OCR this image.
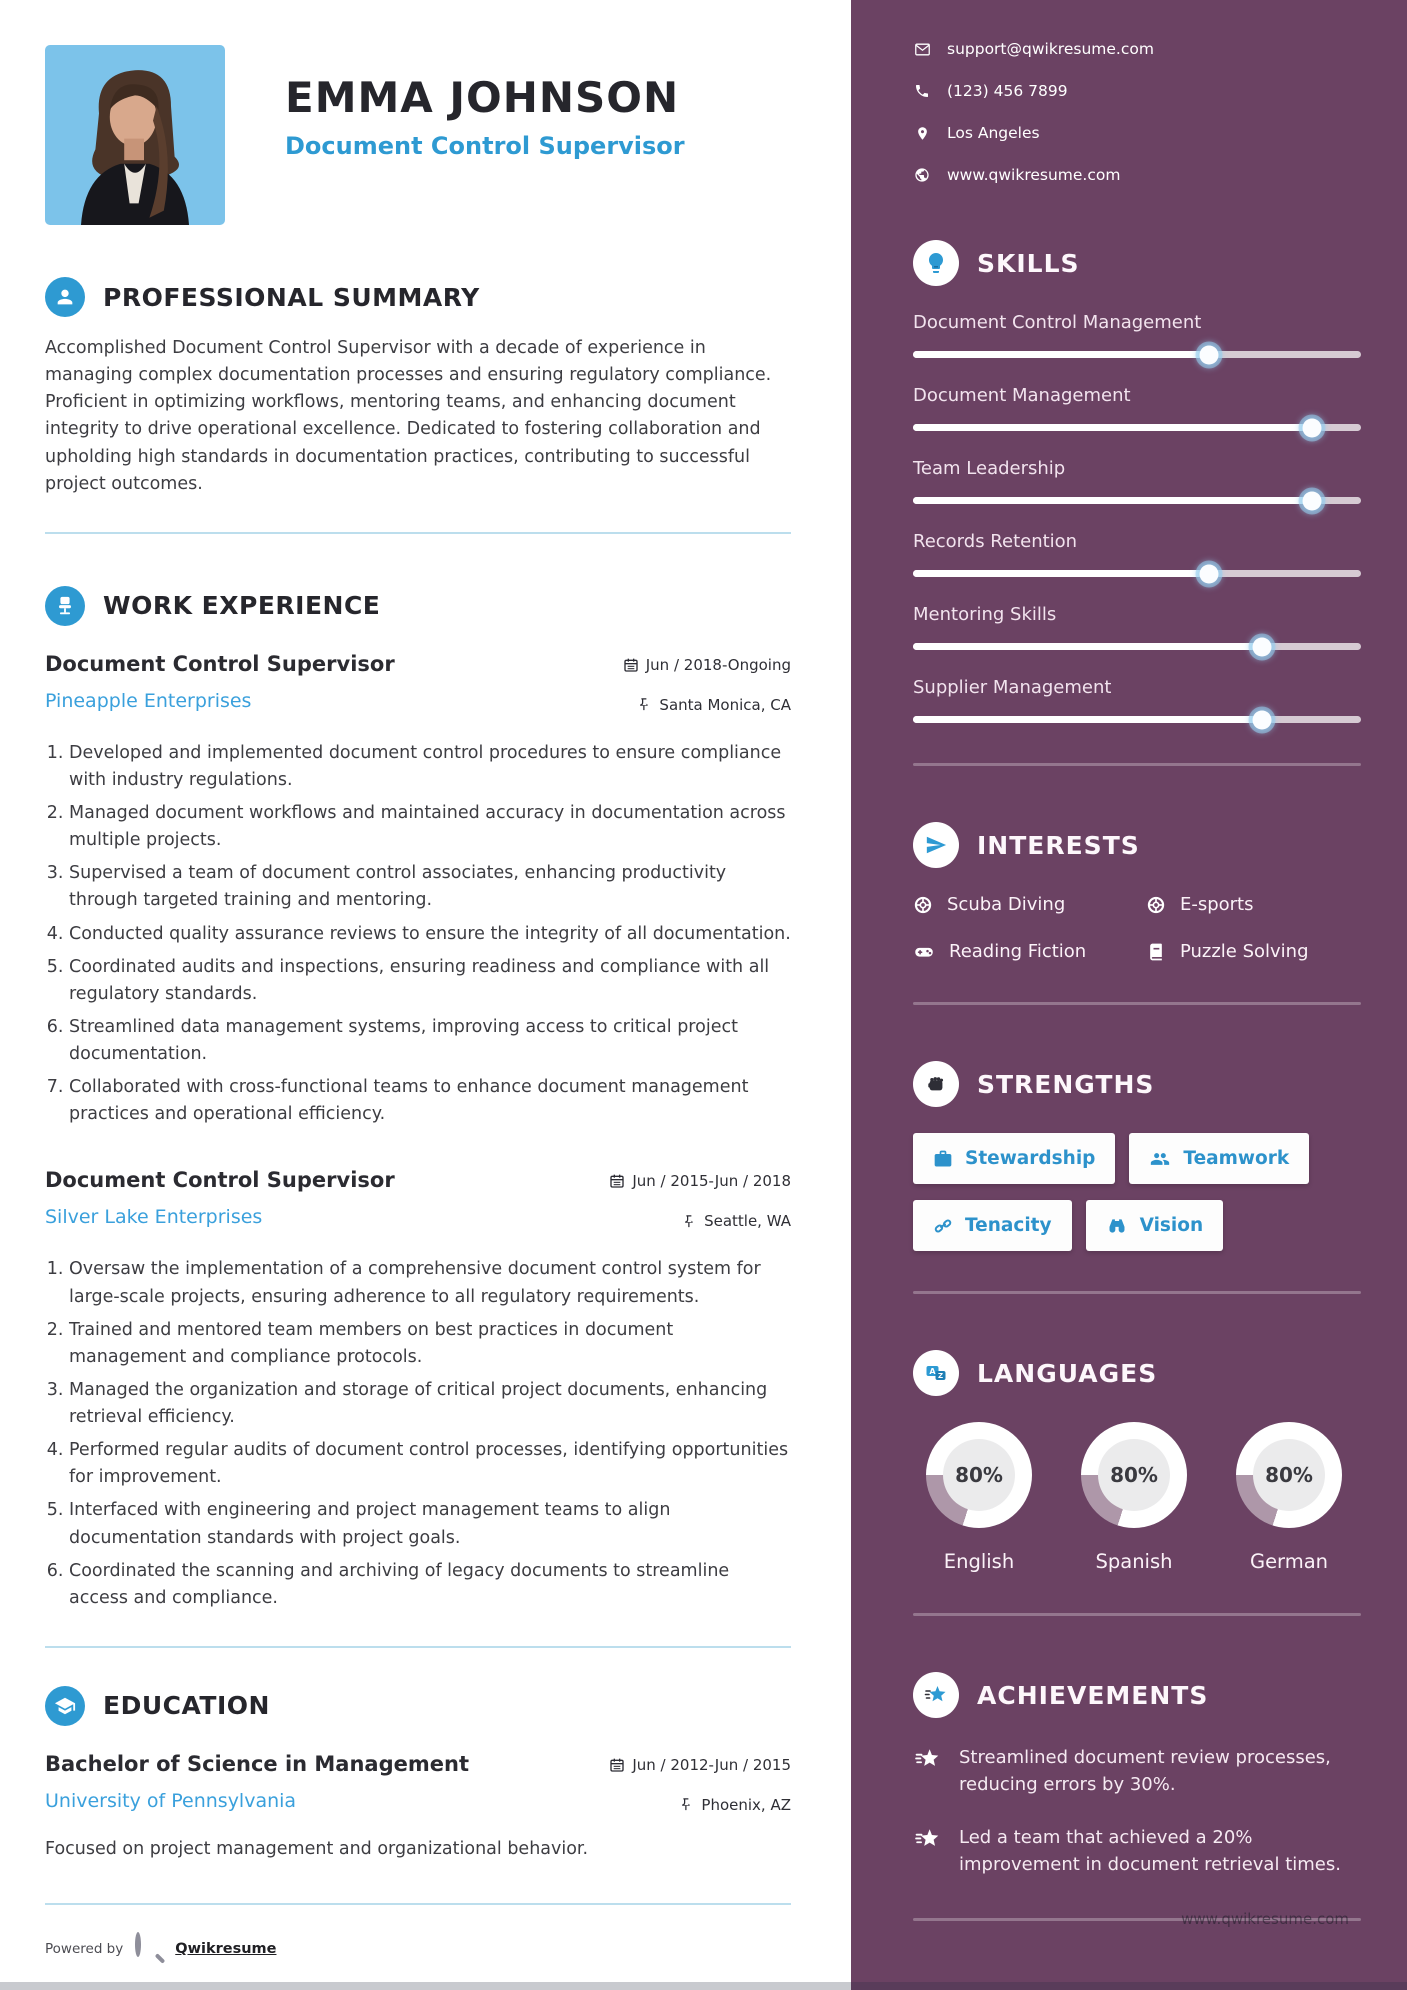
EMMA JOHNSON
Document Control Supervisor
PROFESSIONAL SUMMARY

Accomplished Document Control Supervisor with a decade of experience in managing complex documentation processes and ensuring regulatory compliance. Proficient in optimizing workflows, mentoring teams, and enhancing document integrity to drive operational excellence. Dedicated to fostering collaboration and upholding high standards in documentation practices, contributing to successful project outcomes.

WORK EXPERIENCE
Document Control Supervisor
Pineapple Enterprises
Jun / 2018-Ongoing
Santa Monica, CA
1. Developed and implemented document control procedures to ensure compliance with industry regulations.
2. Managed document workflows and maintained accuracy in documentation across multiple projects.
3. Supervised a team of document control associates, enhancing productivity through targeted training and mentoring.
4. Conducted quality assurance reviews to ensure the integrity of all documentation.
5. Coordinated audits and inspections, ensuring readiness and compliance with all regulatory standards.
6. Streamlined data management systems, improving access to critical project documentation.
7. Collaborated with cross-functional teams to enhance document management practices and operational efficiency.
Document Control Supervisor
Silver Lake Enterprises
Jun / 2015-Jun / 2018
Seattle, WA
1. Oversaw the implementation of a comprehensive document control system for large-scale projects, ensuring adherence to all regulatory requirements.
2. Trained and mentored team members on best practices in document management and compliance protocols.
3. Managed the organization and storage of critical project documents, enhancing retrieval efficiency.
4. Performed regular audits of document control processes, identifying opportunities for improvement.
5. Interfaced with engineering and project management teams to align documentation standards with project goals.
6. Coordinated the scanning and archiving of legacy documents to streamline access and compliance.
EDUCATION
Bachelor of Science in Management
University of Pennsylvania
Jun / 2012-Jun / 2015
Phoenix, AZ

Focused on project management and organizational behavior.

Powered by	Qwikresume
support@qwikresume.com
(123) 456 7899
Los Angeles
www.qwikresume.com
SKILLS
Document Control Management
Document Management
Team Leadership
Records Retention
Mentoring Skills
Supplier Management
INTERESTS
Scuba Diving	E-sports
Reading Fiction	Puzzle Solving
STRENGTHS
Stewardship	Teamwork
Tenacity	Vision
A Z LANGUAGES
80%
English
80%
Spanish
80%
German
ACHIEVEMENTS
Streamlined document review processes, reducing errors by 30%.
Led a team that achieved a 20% improvement in document retrieval times.
www.qwikresume.com
